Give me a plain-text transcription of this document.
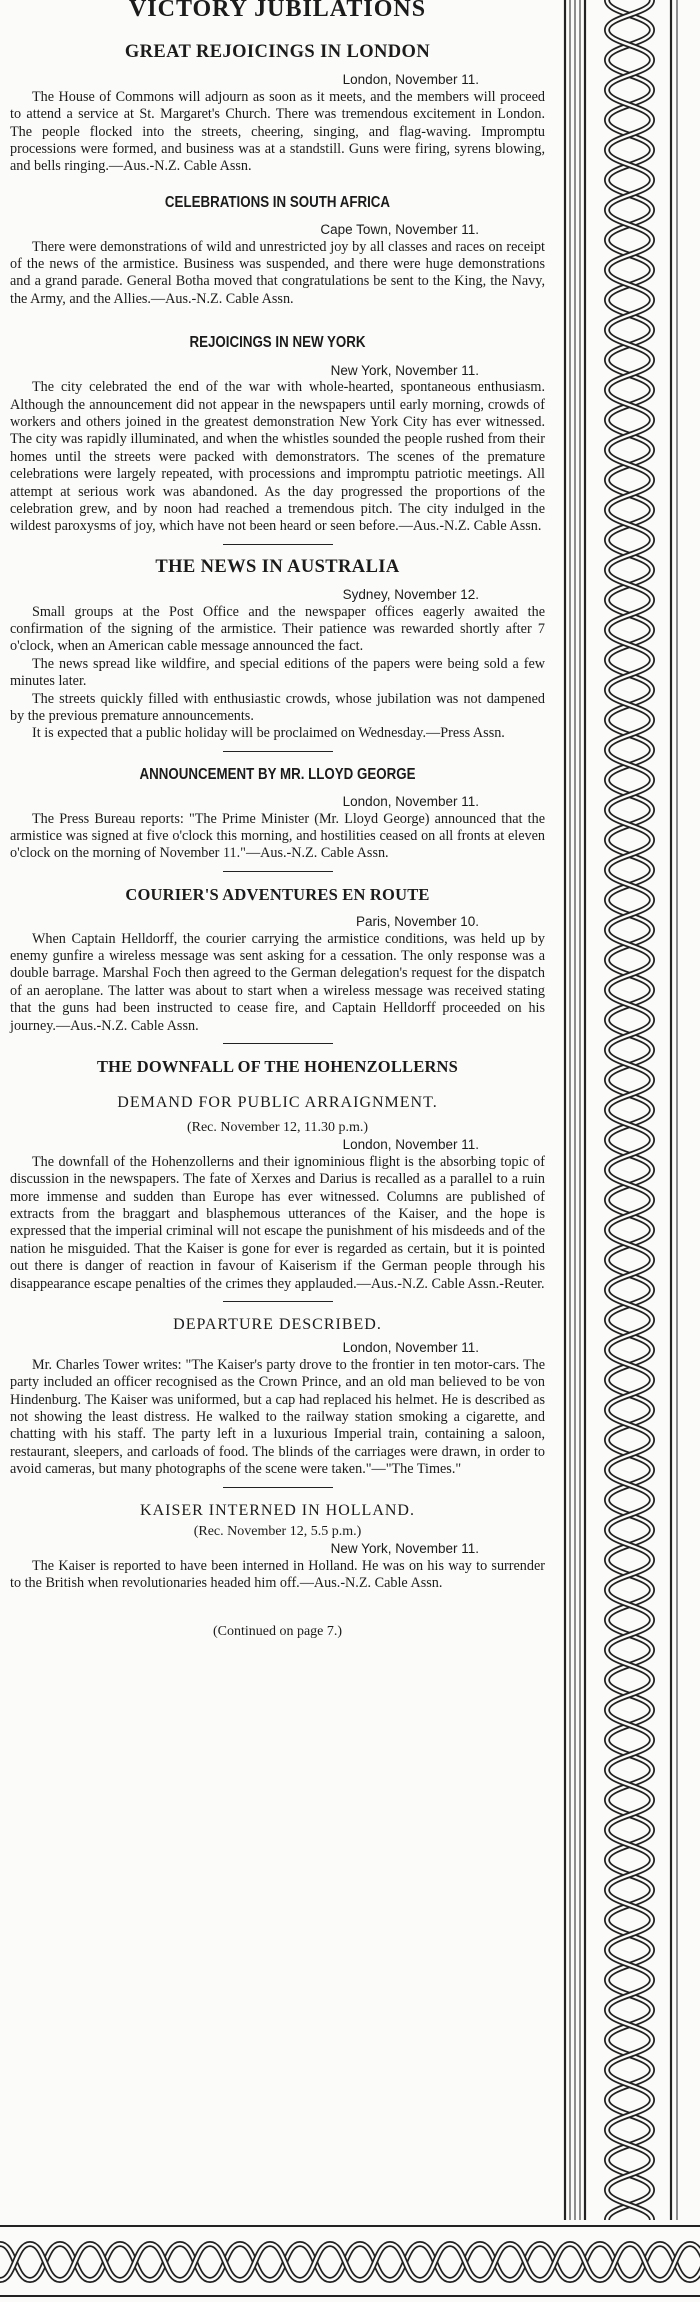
VICTORY JUBILATIONS
GREAT REJOICINGS IN LONDON
London, November 11.

The House of Commons will adjourn as soon as it meets, and the members will proceed to attend a service at St. Margaret's Church. There was tremendous excitement in London. The people flocked into the streets, cheering, singing, and flag-waving. Impromptu processions were formed, and business was at a standstill. Guns were firing, syrens blowing, and bells ringing.—Aus.-N.Z. Cable Assn.

CELEBRATIONS IN SOUTH AFRICA
Cape Town, November 11.

There were demonstrations of wild and unrestricted joy by all classes and races on receipt of the news of the armistice. Business was suspended, and there were huge demonstrations and a grand parade. General Botha moved that congratulations be sent to the King, the Navy, the Army, and the Allies.—Aus.-N.Z. Cable Assn.

REJOICINGS IN NEW YORK
New York, November 11.

The city celebrated the end of the war with whole-hearted, spontaneous enthusiasm. Although the announcement did not appear in the newspapers until early morning, crowds of workers and others joined in the greatest demonstration New York City has ever witnessed. The city was rapidly illuminated, and when the whistles sounded the people rushed from their homes until the streets were packed with demonstrators. The scenes of the premature celebrations were largely repeated, with processions and impromptu patriotic meetings. All attempt at serious work was abandoned. As the day progressed the proportions of the celebration grew, and by noon had reached a tremendous pitch. The city indulged in the wildest paroxysms of joy, which have not been heard or seen before.—Aus.-N.Z. Cable Assn.

THE NEWS IN AUSTRALIA
Sydney, November 12.

Small groups at the Post Office and the newspaper offices eagerly awaited the confirmation of the signing of the armistice. Their patience was rewarded shortly after 7 o'clock, when an American cable message announced the fact.

The news spread like wildfire, and special editions of the papers were being sold a few minutes later.

The streets quickly filled with enthusiastic crowds, whose jubilation was not dampened by the previous premature announcements.

It is expected that a public holiday will be proclaimed on Wednesday.—Press Assn.

ANNOUNCEMENT BY MR. LLOYD GEORGE
London, November 11.

The Press Bureau reports: "The Prime Minister (Mr. Lloyd George) announced that the armistice was signed at five o'clock this morning, and hostilities ceased on all fronts at eleven o'clock on the morning of November 11."—Aus.-N.Z. Cable Assn.

COURIER'S ADVENTURES EN ROUTE
Paris, November 10.

When Captain Helldorff, the courier carrying the armistice conditions, was held up by enemy gunfire a wireless message was sent asking for a cessation. The only response was a double barrage. Marshal Foch then agreed to the German delegation's request for the dispatch of an aeroplane. The latter was about to start when a wireless message was received stating that the guns had been instructed to cease fire, and Captain Helldorff proceeded on his journey.—Aus.-N.Z. Cable Assn.

THE DOWNFALL OF THE HOHENZOLLERNS
DEMAND FOR PUBLIC ARRAIGNMENT.
(Rec. November 12, 11.30 p.m.)
London, November 11.

The downfall of the Hohenzollerns and their ignominious flight is the absorbing topic of discussion in the newspapers. The fate of Xerxes and Darius is recalled as a parallel to a ruin more immense and sudden than Europe has ever witnessed. Columns are published of extracts from the braggart and blasphemous utterances of the Kaiser, and the hope is expressed that the imperial criminal will not escape the punishment of his misdeeds and of the nation he misguided. That the Kaiser is gone for ever is regarded as certain, but it is pointed out there is danger of reaction in favour of Kaiserism if the German people through his disappearance escape penalties of the crimes they applauded.—Aus.-N.Z. Cable Assn.-Reuter.

DEPARTURE DESCRIBED.
London, November 11.

Mr. Charles Tower writes: "The Kaiser's party drove to the frontier in ten motor-cars. The party included an officer recognised as the Crown Prince, and an old man believed to be von Hindenburg. The Kaiser was uniformed, but a cap had replaced his helmet. He is described as not showing the least distress. He walked to the railway station smoking a cigarette, and chatting with his staff. The party left in a luxurious Imperial train, containing a saloon, restaurant, sleepers, and carloads of food. The blinds of the carriages were drawn, in order to avoid cameras, but many photographs of the scene were taken."—"The Times."

KAISER INTERNED IN HOLLAND.
(Rec. November 12, 5.5 p.m.)
New York, November 11.

The Kaiser is reported to have been interned in Holland. He was on his way to surrender to the British when revolutionaries headed him off.—Aus.-N.Z. Cable Assn.

(Continued on page 7.)
